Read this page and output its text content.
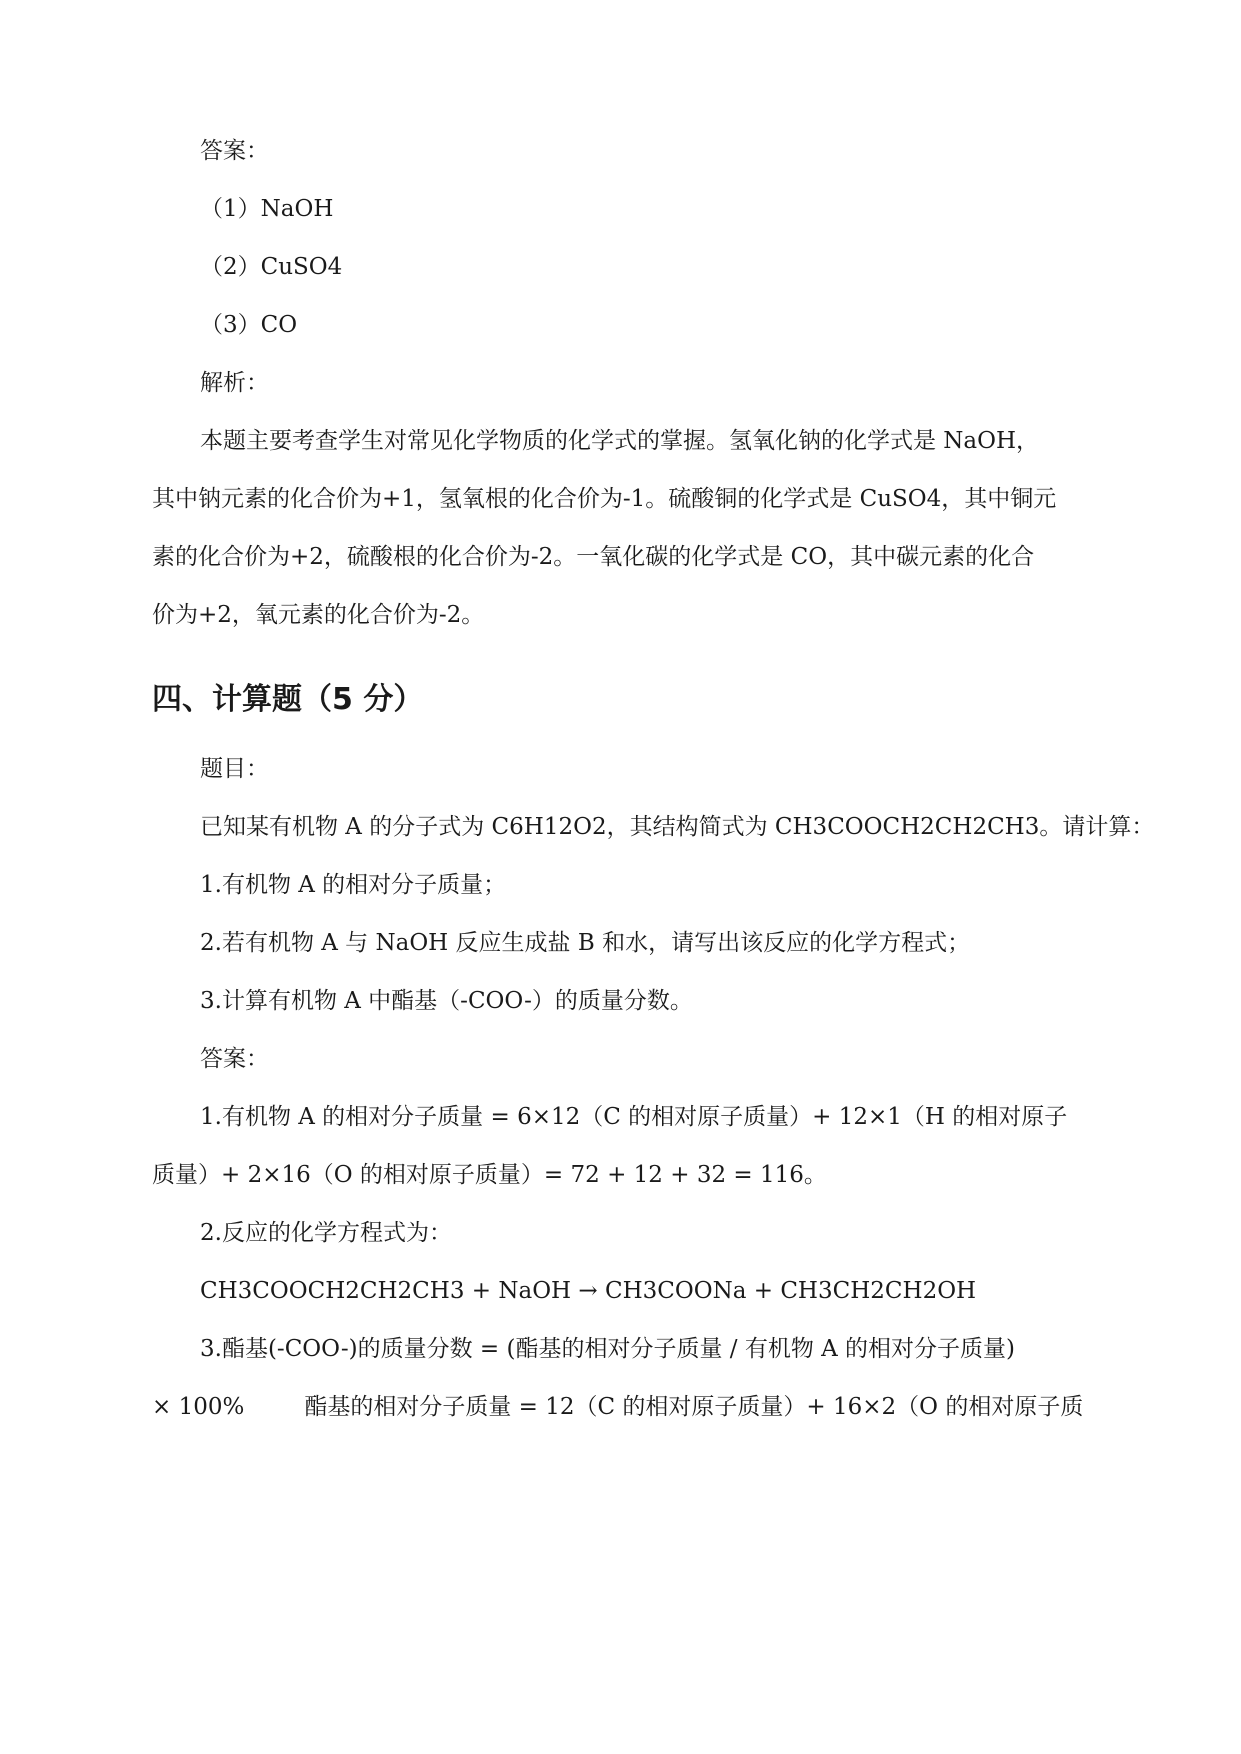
答案：
（1）NaOH
（2）CuSO4
（3）CO
解析：
本题主要考查学生对常见化学物质的化学式的掌握。氢氧化钠的化学式是 NaOH，
其中钠元素的化合价为+1，氢氧根的化合价为-1。硫酸铜的化学式是 CuSO4，其中铜元
素的化合价为+2，硫酸根的化合价为-2。一氧化碳的化学式是 CO，其中碳元素的化合
价为+2，氧元素的化合价为-2。
四、计算题（5 分）
题目：
已知某有机物 A 的分子式为 C6H12O2，其结构简式为 CH3COOCH2CH2CH3。请计算：
1.有机物 A 的相对分子质量；
2.若有机物 A 与 NaOH 反应生成盐 B 和水，请写出该反应的化学方程式；
3.计算有机物 A 中酯基（-COO-）的质量分数。
答案：
1.有机物 A 的相对分子质量 = 6×12（C 的相对原子质量）+ 12×1（H 的相对原子
质量）+ 2×16（O 的相对原子质量）= 72 + 12 + 32 = 116。
2.反应的化学方程式为：
CH3COOCH2CH2CH3 + NaOH → CH3COONa + CH3CH2CH2OH
3.酯基(-COO-)的质量分数 = (酯基的相对分子质量 / 有机物 A 的相对分子质量)
× 100%	酯基的相对分子质量 = 12（C 的相对原子质量）+ 16×2（O 的相对原子质
